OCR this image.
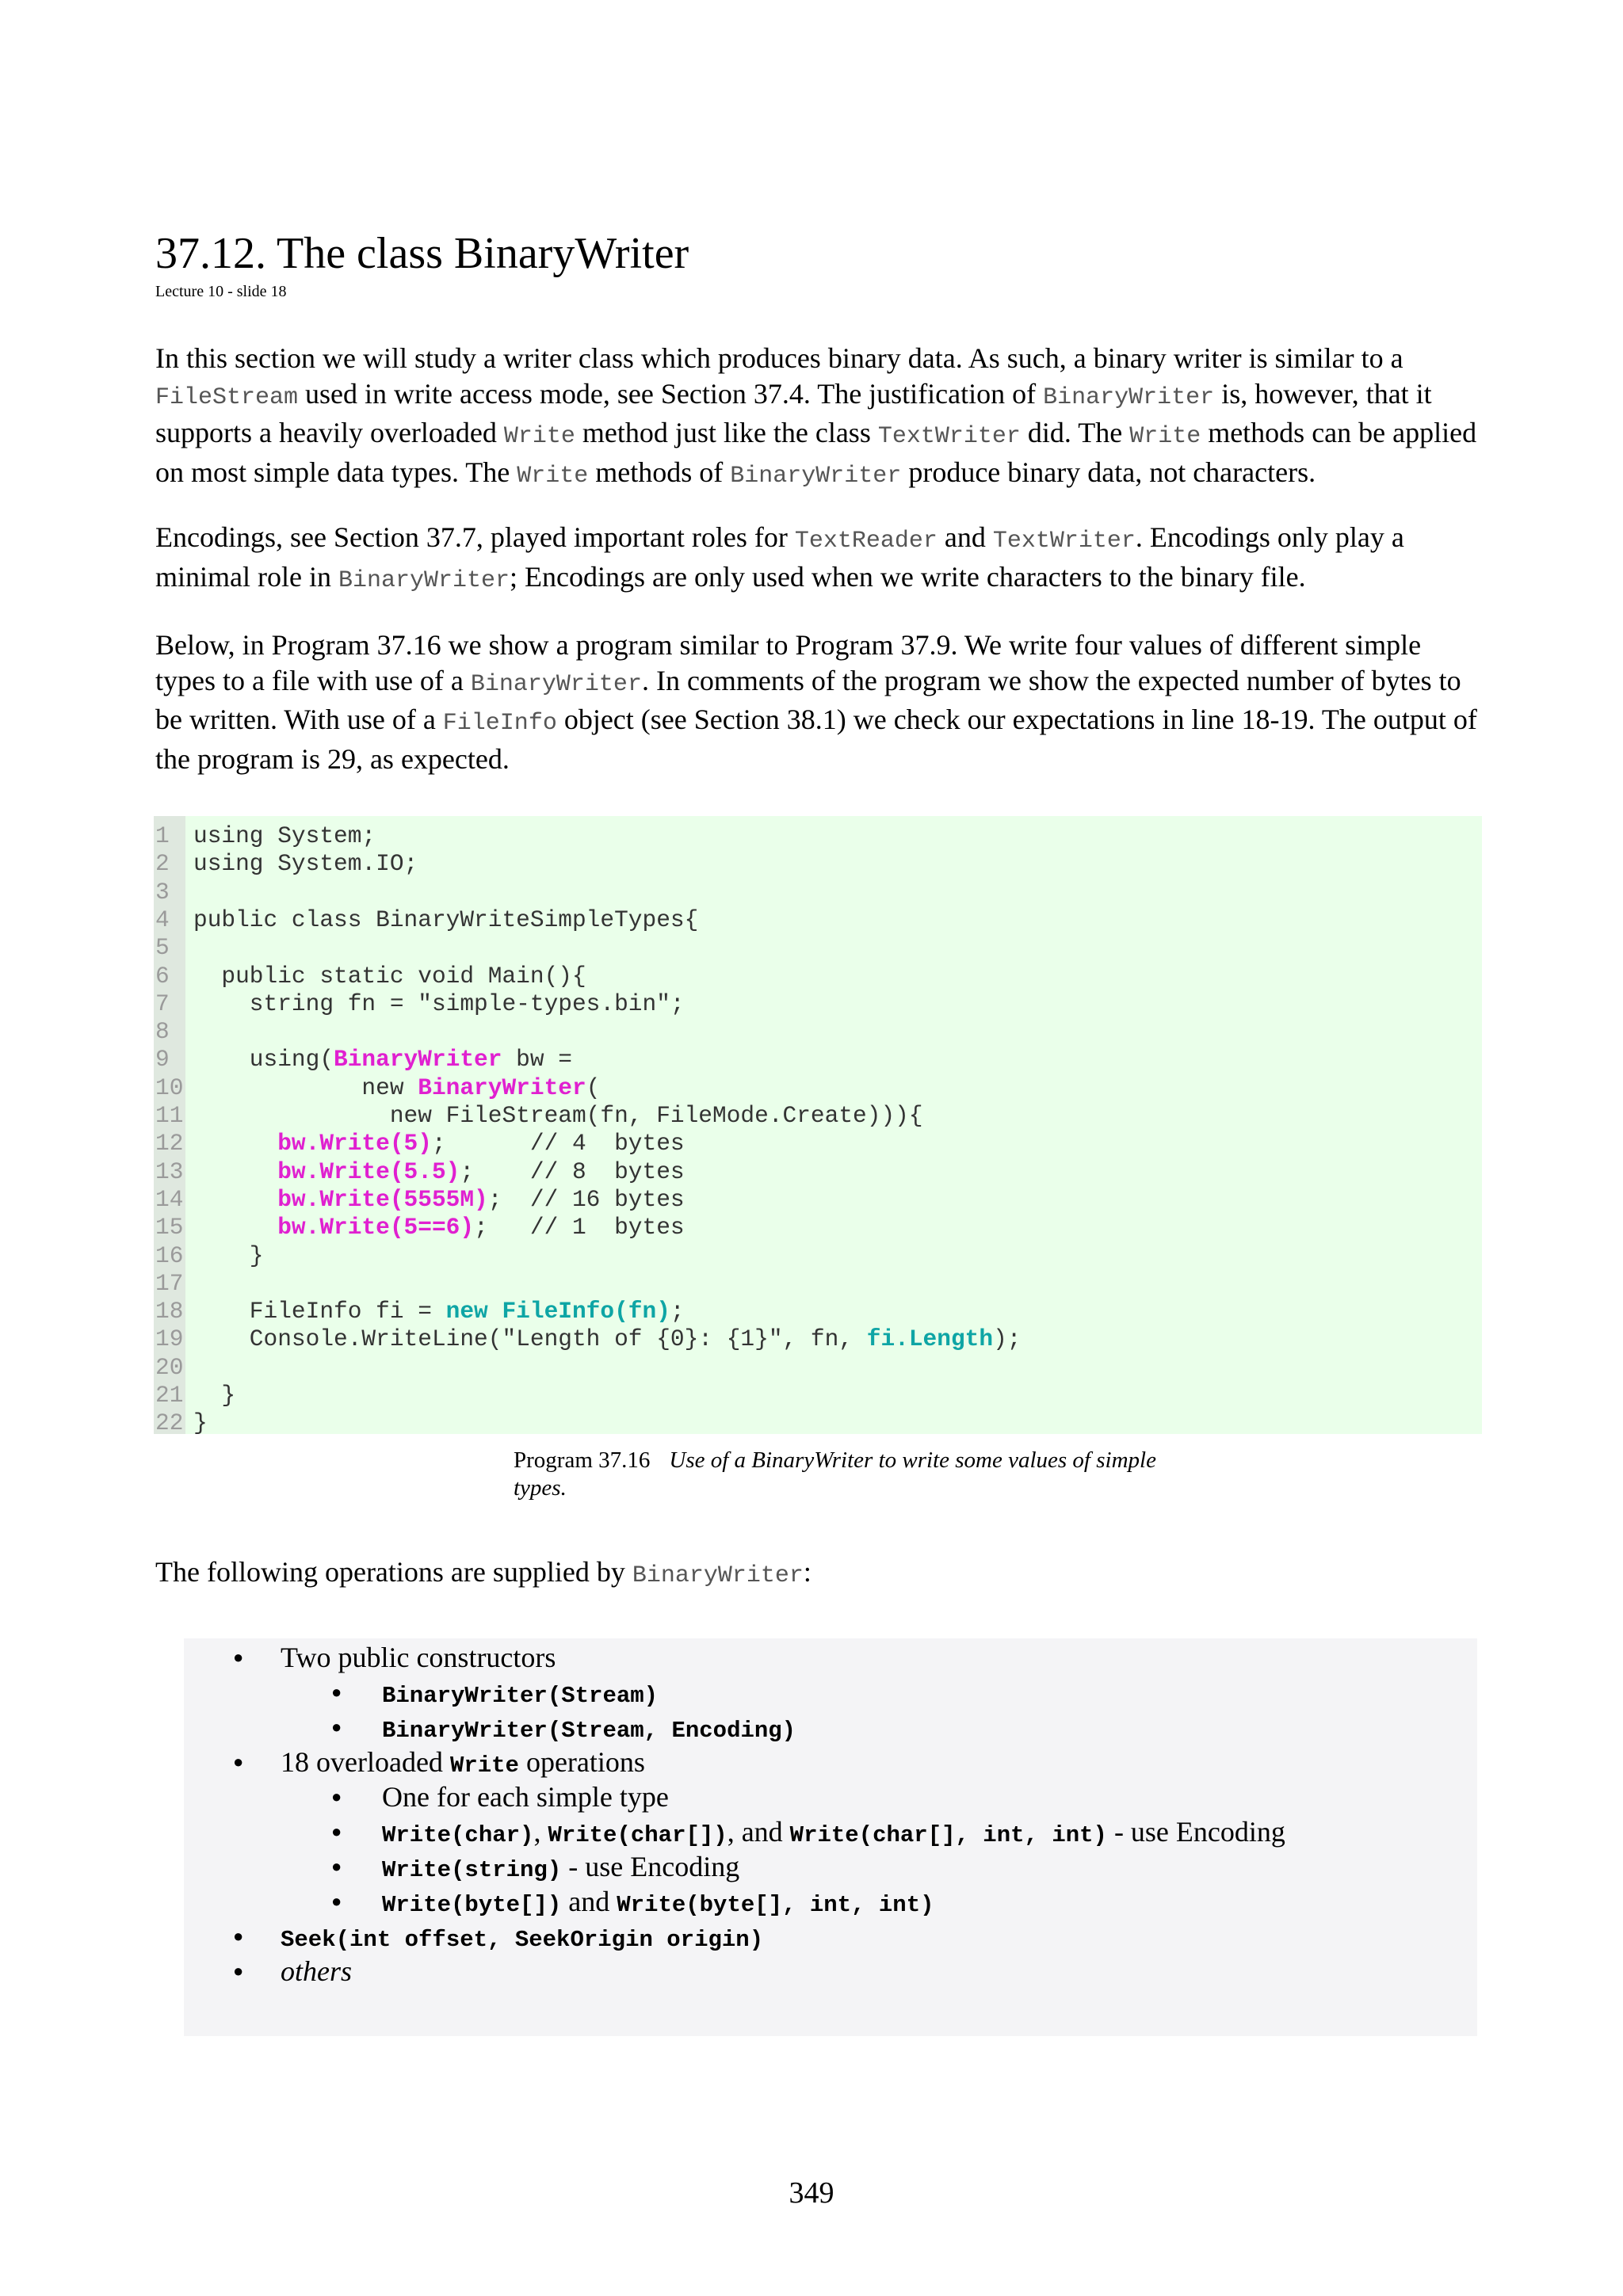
37.12. The class BinaryWriter
Lecture 10 - slide 18

In this section we will study a writer class which produces binary data. As such, a binary writer is similar to a FileStream used in write access mode, see Section 37.4. The justification of BinaryWriter is, however, that it supports a heavily overloaded Write method just like the class TextWriter did. The Write methods can be applied on most simple data types. The Write methods of BinaryWriter produce binary data, not characters.

Encodings, see Section 37.7, played important roles for TextReader and TextWriter. Encodings only play a minimal role in BinaryWriter; Encodings are only used when we write characters to the binary file.

Below, in Program 37.16 we show a program similar to Program 37.9. We write four values of different simple types to a file with use of a BinaryWriter. In comments of the program we show the expected number of bytes to be written. With use of a FileInfo object (see Section 38.1) we check our expectations in line 18-19. The output of the program is 29, as expected.

1	using System;
2	using System.IO;
3
4	public class BinaryWriteSimpleTypes{
5
6	public static void Main(){
7	string fn = "simple-types.bin";
8
9	using(BinaryWriter bw =
10 new BinaryWriter(
11 new FileStream(fn, FileMode.Create))){
12	bw.Write(5);      // 4  bytes
13	bw.Write(5.5);    // 8  bytes
14	bw.Write(5555M);  // 16 bytes
15	bw.Write(5==6);   // 1  bytes
16 }
17
18 FileInfo fi = new FileInfo(fn);
19 Console.WriteLine("Length of {0}: {1}", fn, fi.Length);
20
21 }
22 }
Program 37.16 Use of a BinaryWriter to write some values of simple types.

The following operations are supplied by BinaryWriter:

● Two public constructors
● BinaryWriter(Stream)
● BinaryWriter(Stream, Encoding)
● 18 overloaded Write operations
● One for each simple type
● Write(char), Write(char[]), and Write(char[], int, int) - use Encoding
● Write(string) - use Encoding
● Write(byte[]) and Write(byte[], int, int)
● Seek(int offset, SeekOrigin origin)
● others
349
